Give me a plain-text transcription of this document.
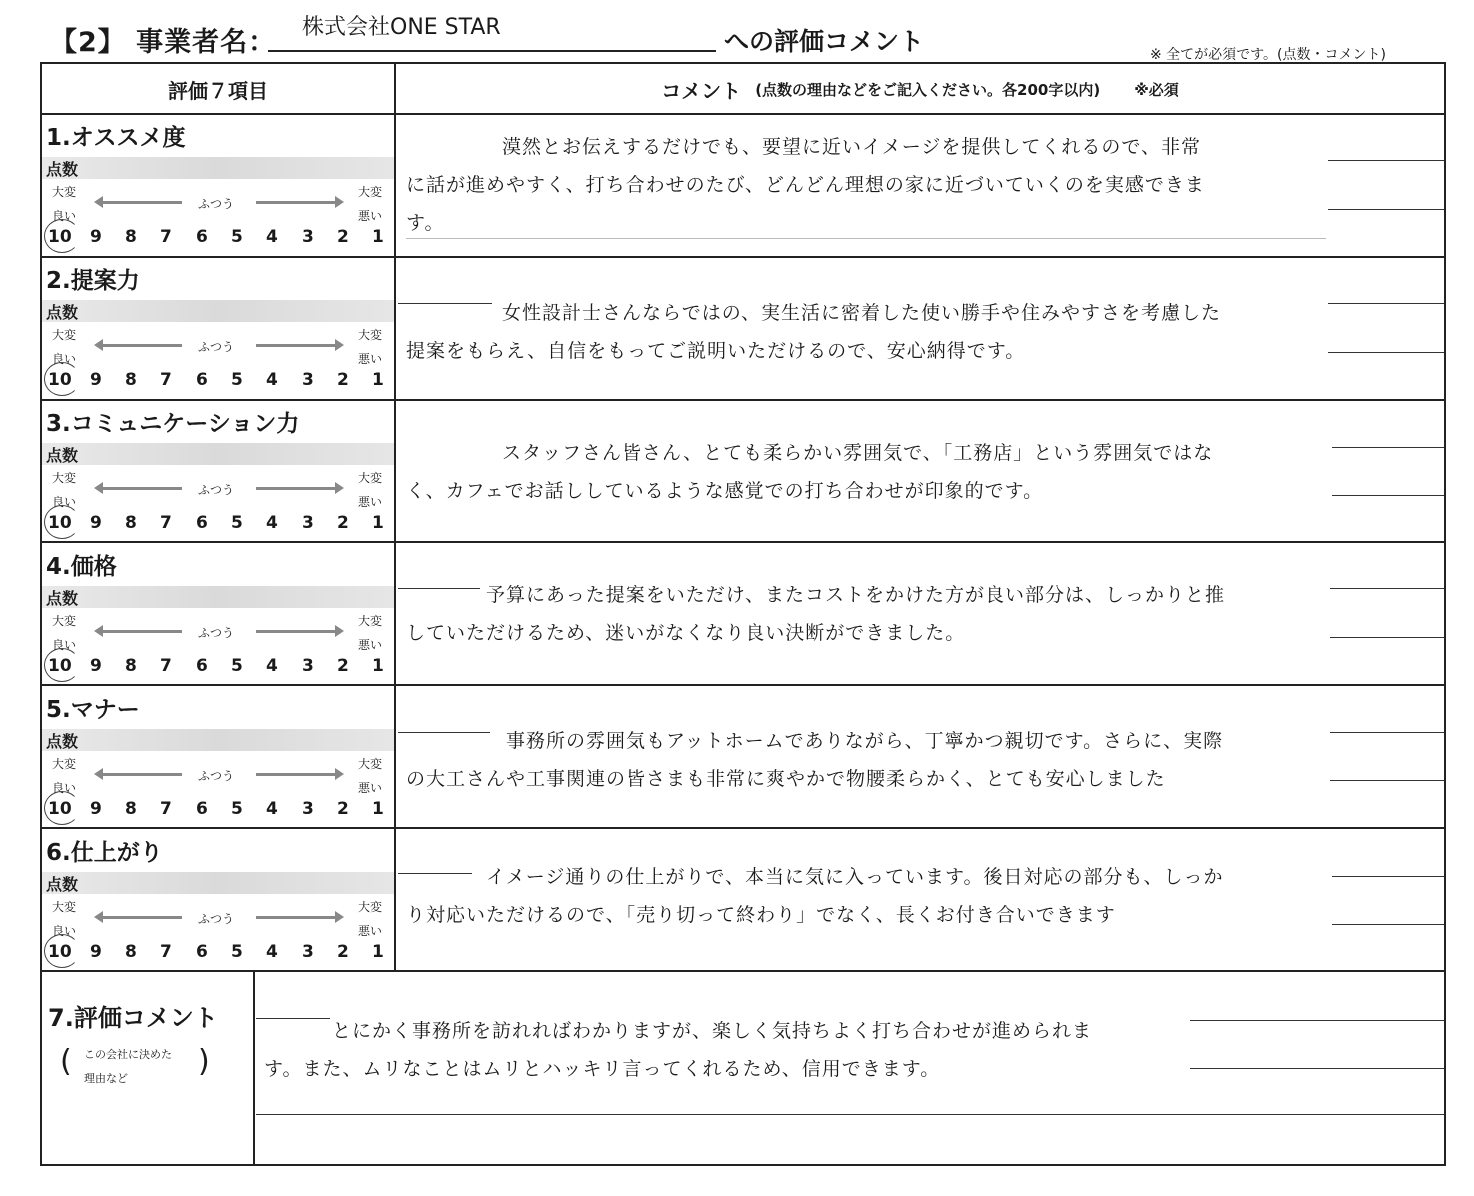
【2】 事業者名： 株式会社ONE STAR	への評価コメント	※ 全てが必須です。(点数・コメント)
評価７項目	コメント (点数の理由などをご記入ください。各200字以内) ※必須
1.オススメ度
点数
大変
良い
ふつう
大変
悪い
10 9 8 7 6 5 4 3 2 1
漠然とお伝えするだけでも、要望に近いイメージを提供してくれるので、非常
に話が進めやすく、打ち合わせのたび、どんどん理想の家に近づいていくのを実感できま
す。
2.提案力
点数
大変
良い
ふつう
大変
悪い
10 9 8 7 6 5 4 3 2 1
女性設計士さんならではの、実生活に密着した使い勝手や住みやすさを考慮した
提案をもらえ、自信をもってご説明いただけるので、安心納得です。
3.コミュニケーション力
点数
大変
良い
ふつう
大変
悪い
10 9 8 7 6 5 4 3 2 1
スタッフさん皆さん、とても柔らかい雰囲気で、「工務店」という雰囲気ではな
く、カフェでお話ししているような感覚での打ち合わせが印象的です。
4.価格
点数
大変
良い
ふつう
大変
悪い
10 9 8 7 6 5 4 3 2 1
予算にあった提案をいただけ、またコストをかけた方が良い部分は、しっかりと推
していただけるため、迷いがなくなり良い決断ができました。
5.マナー
点数
大変
良い
ふつう
大変
悪い
10 9 8 7 6 5 4 3 2 1
事務所の雰囲気もアットホームでありながら、丁寧かつ親切です。さらに、実際
の大工さんや工事関連の皆さまも非常に爽やかで物腰柔らかく、とても安心しました
6.仕上がり
点数
大変
良い
ふつう
大変
悪い
10 9 8 7 6 5 4 3 2 1
イメージ通りの仕上がりで、本当に気に入っています。後日対応の部分も、しっか
り対応いただけるので、「売り切って終わり」でなく、長くお付き合いできます
7.評価コメント
( この会社に決めた
理由など )
とにかく事務所を訪れればわかりますが、楽しく気持ちよく打ち合わせが進められま
す。また、ムリなことはムリとハッキリ言ってくれるため、信用できます。
